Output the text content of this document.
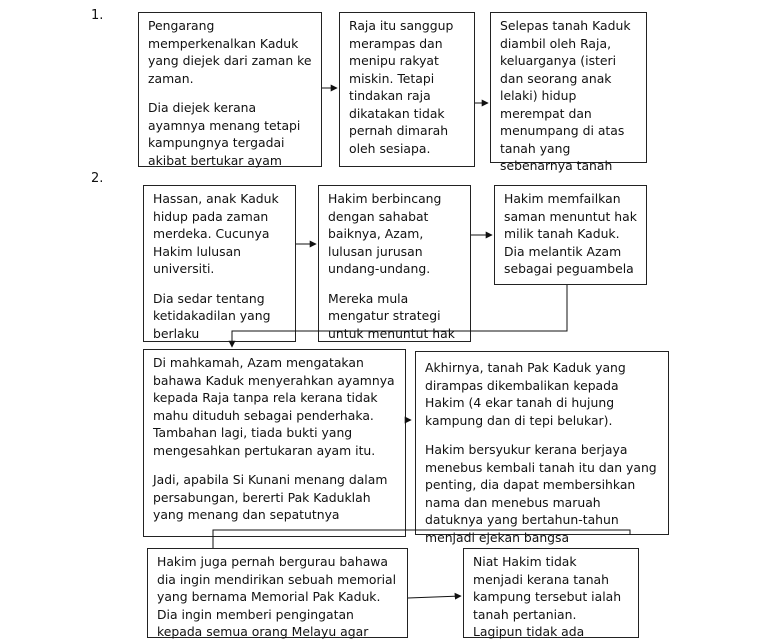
1.
2.

Pengarang memperkenalkan Kaduk yang diejek dari zaman ke zaman.

Dia diejek kerana ayamnya menang tetapi kampungnya tergadai akibat bertukar ayam

Raja itu sanggup merampas dan menipu rakyat miskin. Tetapi tindakan raja dikatakan tidak pernah dimarah oleh sesiapa.

Selepas tanah Kaduk diambil oleh Raja, keluarganya (isteri dan seorang anak lelaki) hidup merempat dan menumpang di atas tanah yang sebenarnya tanah

Hassan, anak Kaduk hidup pada zaman merdeka. Cucunya Hakim lulusan universiti.

Dia sedar tentang ketidakadilan yang berlaku

Hakim berbincang dengan sahabat baiknya, Azam, lulusan jurusan undang-undang.

Mereka mula mengatur strategi untuk menuntut hak

Hakim memfailkan saman menuntut hak milik tanah Kaduk. Dia melantik Azam sebagai peguambela

Di mahkamah, Azam mengatakan bahawa Kaduk menyerahkan ayamnya kepada Raja tanpa rela kerana tidak mahu dituduh sebagai penderhaka. Tambahan lagi, tiada bukti yang mengesahkan pertukaran ayam itu.

Jadi, apabila Si Kunani menang dalam persabungan, bererti Pak Kaduklah yang menang dan sepatutnya

Akhirnya, tanah Pak Kaduk yang dirampas dikembalikan kepada Hakim (4 ekar tanah di hujung kampung dan di tepi belukar).

Hakim bersyukur kerana berjaya menebus kembali tanah itu dan yang penting, dia dapat membersihkan nama dan menebus maruah datuknya yang bertahun-tahun menjadi ejekan bangsa

Hakim juga pernah bergurau bahawa dia ingin mendirikan sebuah memorial yang bernama Memorial Pak Kaduk. Dia ingin memberi pengingatan kepada semua orang Melayu agar

Niat Hakim tidak menjadi kerana tanah kampung tersebut ialah tanah pertanian. Lagipun tidak ada
